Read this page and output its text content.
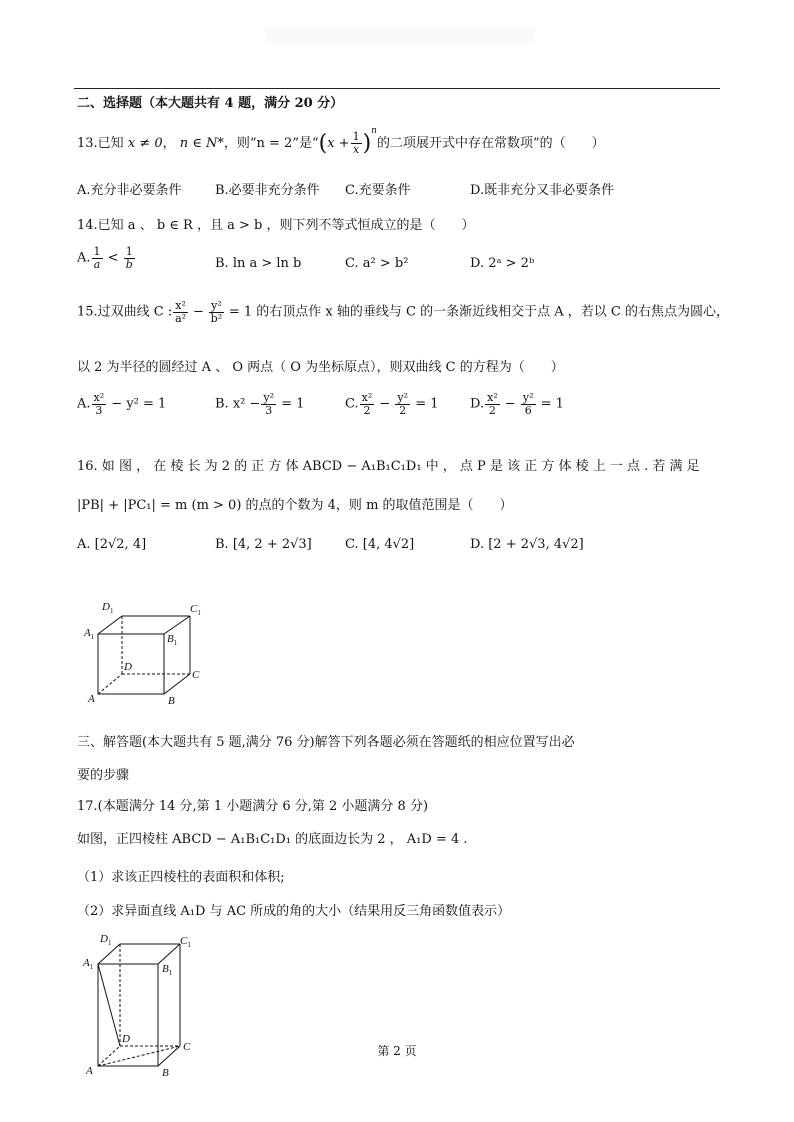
二、选择题（本大题共有 4 题，满分 20 分）
13.已知 x ≠ 0， n ∈ N*，则“n = 2”是“$(x + \frac{1}{x} )^n$的二项展开式中存在常数项”的（　　）
A.充分非必要条件	B.必要非充分条件 C.充要条件	D.既非充分又非必要条件
14.已知 a 、 b ∈ R ，且 a > b ，则下列不等式恒成立的是（　　）
A. $\frac{1}{a} < \frac{1}{b}$	B. ln a > ln b	C. a² > b²	D. 2ᵃ > 2ᵇ
15.过双曲线 C : $\frac{\text{x²}}{\text{a²}} - \frac{\text{y²}}{\text{b²}} = 1$ 的右顶点作 x 轴的垂线与 C 的一条渐近线相交于点 A ，若以 C 的右焦点为圆心，
以 2 为半径的圆经过 A 、 O 两点（ O 为坐标原点），则双曲线 C 的方程为（　　）
A. $\frac{\text{x²}}{3} - y^2 = 1$	B. $x^2 - \frac{\text{y²}}{3} = 1$	C. $\frac{\text{x²}}{2} - \frac{\text{y²}}{2} = 1$ D. $\frac{\text{x²}}{2} - \frac{\text{y²}}{6} = 1$
16. 如 图 ， 在 棱 长 为 2 的 正 方 体 ABCD − A₁B₁C₁D₁ 中 ， 点 P 是 该 正 方 体 棱 上 一 点 . 若 满 足
|PB| + |PC₁| = m (m > 0) 的点的个数为 4，则 m 的取值范围是（　　）
A. [2√2, 4]	B. [4, 2 + 2√3]	C. [4, 4√2]	D. [2 + 2√3, 4√2]
$D_1$	$C_1$
$A_1$	$B_1$
D
C
A	B
三、解答题(本大题共有 5 题,满分 76 分)解答下列各题必须在答题纸的相应位置写出必
要的步骤
17.(本题满分 14 分,第 1 小题满分 6 分,第 2 小题满分 8 分)
如图，正四棱柱 ABCD − A₁B₁C₁D₁ 的底面边长为 2 ， A₁D = 4 .
（1）求该正四棱柱的表面积和体积;
（2）求异面直线 A₁D 与 AC 所成的角的大小（结果用反三角函数值表示）
$D_1$	$C_1$
$A_1$	$B_1$
D
C
A	B
第 2 页
